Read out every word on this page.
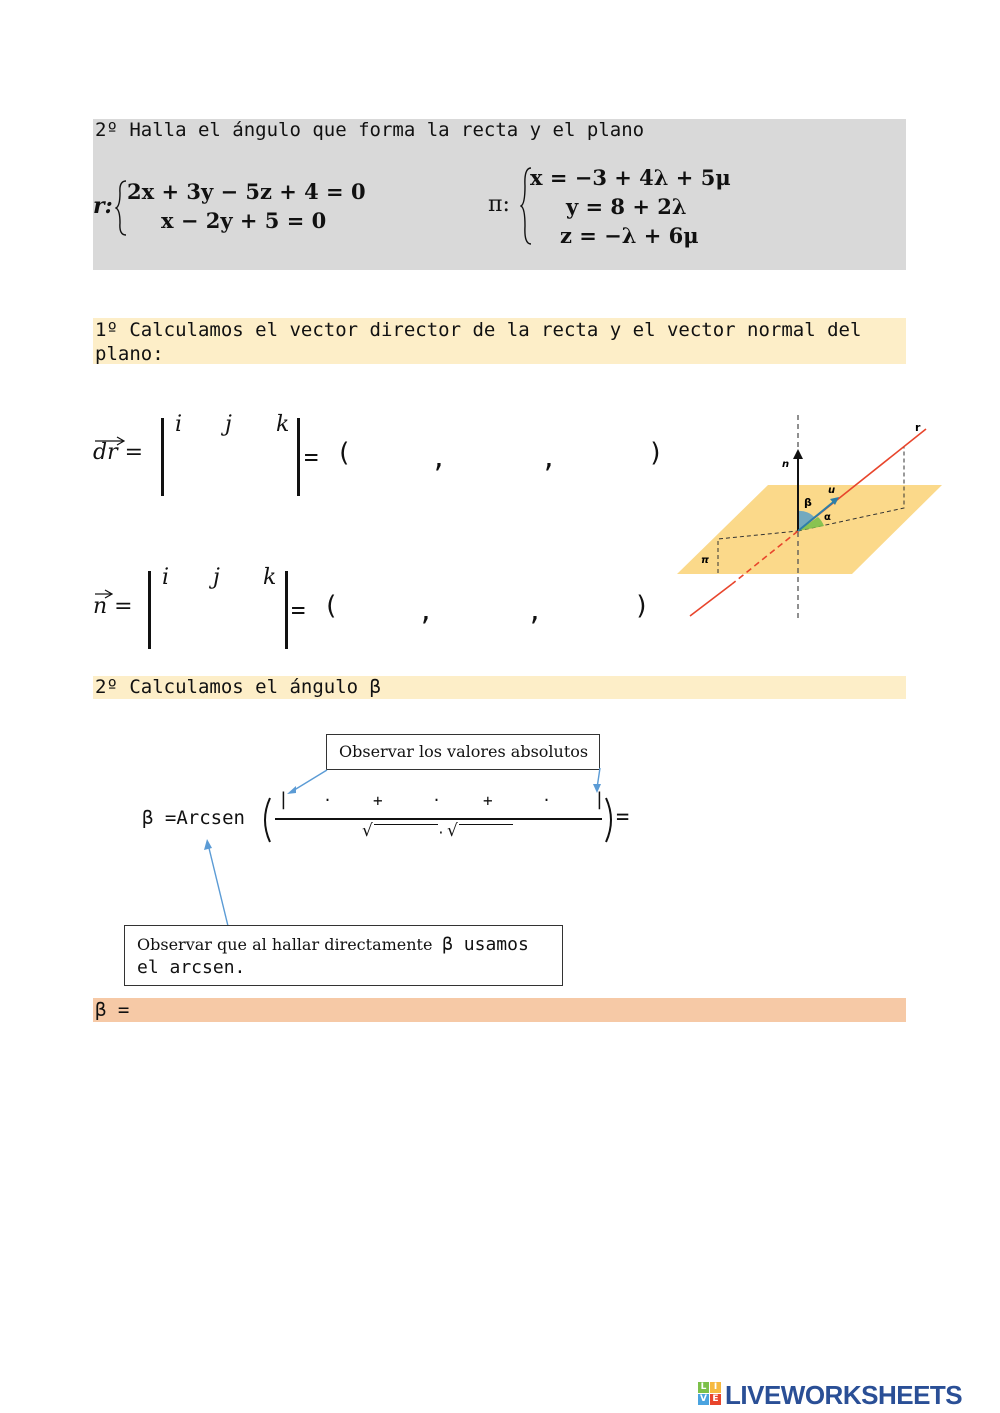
2º Halla el ángulo que forma la recta y el plano
r:
2x + 3y − 5z + 4 = 0
x − 2y + 5 = 0
π:
x = −3 + 4λ + 5μ
y = 8 + 2λ
z = −λ + 6μ
1º Calculamos el vector director de la recta y el vector normal del plano:
dr =
i j k
= (	,	,	)
n =
i j k
= (	,	,	)
r
n
u
β
α
π
2º Calculamos el ángulo β
Observar los valores absolutos
β =Arcsen
| ·	+	·	+	· |
√	· √
=
Observar que al hallar directamente β usamos el arcsen.
β =
L I
V E LIVEWORKSHEETS
